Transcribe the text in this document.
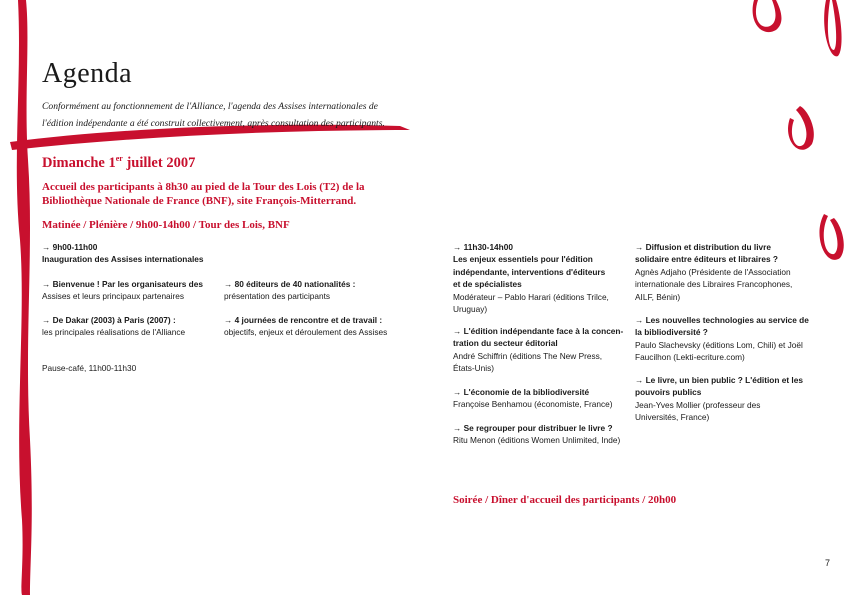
Agenda
Conformément au fonctionnement de l'Alliance, l'agenda des Assises internationales de l'édition indépendante a été construit collectivement, après consultation des participants.
Dimanche 1er juillet 2007
Accueil des participants à 8h30 au pied de la Tour des Lois (T2) de la Bibliothèque Nationale de France (BNF), site François-Mitterrand.
Matinée / Plénière / 9h00-14h00 / Tour des Lois, BNF
→ 9h00-11h00
Inauguration des Assises internationales
→ Bienvenue ! Par les organisateurs des
Assises et leurs principaux partenaires
→ De Dakar (2003) à Paris (2007) :
les principales réalisations de l'Alliance
→ 80 éditeurs de 40 nationalités :
présentation des participants
→ 4 journées de rencontre et de travail :
objectifs, enjeux et déroulement des Assises
Pause-café, 11h00-11h30
→ 11h30-14h00
Les enjeux essentiels pour l'édition
indépendante, interventions d'éditeurs
et de spécialistes
Modérateur – Pablo Harari (éditions Trilce,
Uruguay)
→ L'édition indépendante face à la concen-
tration du secteur éditorial
André Schiffrin (éditions The New Press,
États-Unis)
→ L'économie de la bibliodiversité
Françoise Benhamou (économiste, France)
→ Se regrouper pour distribuer le livre ?
Ritu Menon (éditions Women Unlimited, Inde)
→ Diffusion et distribution du livre
solidaire entre éditeurs et libraires ?
Agnès Adjaho (Présidente de l'Association
internationale des Libraires Francophones,
AILF, Bénin)
→ Les nouvelles technologies au service de
la bibliodiversité ?
Paulo Slachevsky (éditions Lom, Chili) et Joël
Faucilhon (Lekti-ecriture.com)
→ Le livre, un bien public ? L'édition et les
pouvoirs publics
Jean-Yves Mollier (professeur des
Universités, France)
Soirée / Dîner d'accueil des participants / 20h00
7
